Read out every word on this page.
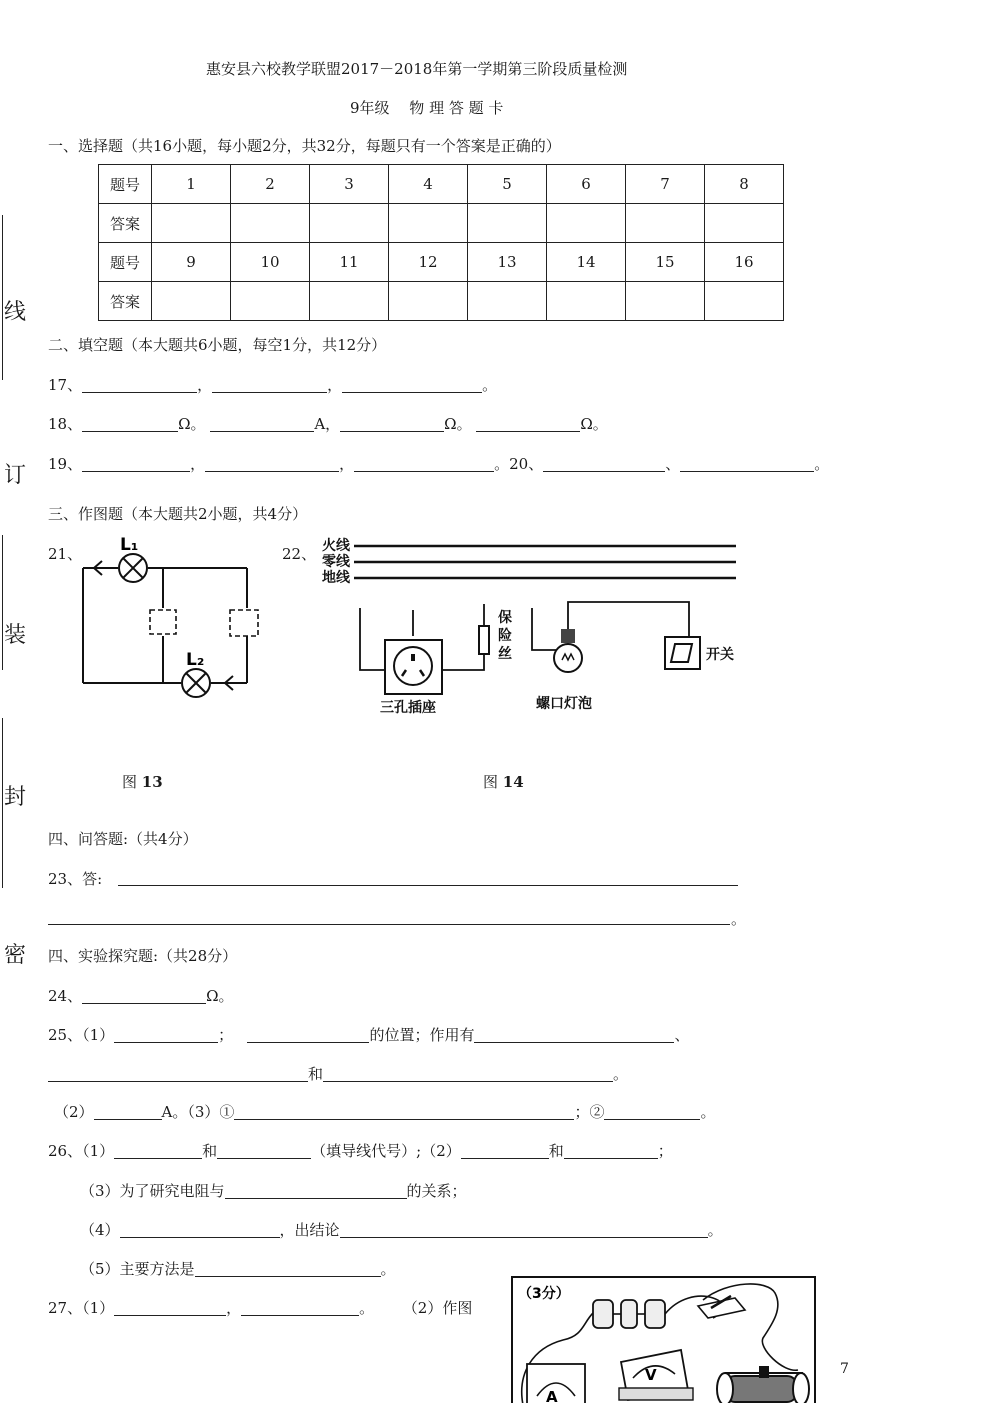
线
订
装
封
密
惠安县六校教学联盟2017－2018年第一学期第三阶段质量检测
9年级　 物 理 答 题 卡
一、选择题（共16小题，每小题2分，共32分，每题只有一个答案是正确的）
题号	1	2	3	4	5	6	7	8
答案								
题号	9	10	11	12	13	14	15	16
答案								
二、填空题（本大题共6小题，每空1分，共12分）
17、	，	，	。
18、	Ω。	A，	Ω。	Ω。
19、	，	，	。20、	、	。
三、作图题（本大题共2小题，共4分）
21、	22、
L₁
L₂
火线
零线
地线
保
险
丝
三孔插座	螺口灯泡
开关
图 13	图 14
四、问答题:（共4分）
23、答:
。
四、实验探究题:（共28分）
24、	Ω。
25、（1）	；	的位置；作用有	、
和	。
（2）	A。（3）①	；②	。
26、（1）	和	（填导线代号）;（2）	和	；
（3）为了研究电阻与	的关系；
（4）	，出结论	。
（5）主要方法是	。
27、（1）	，	。 （2）作图
（3分）
A
V	7
